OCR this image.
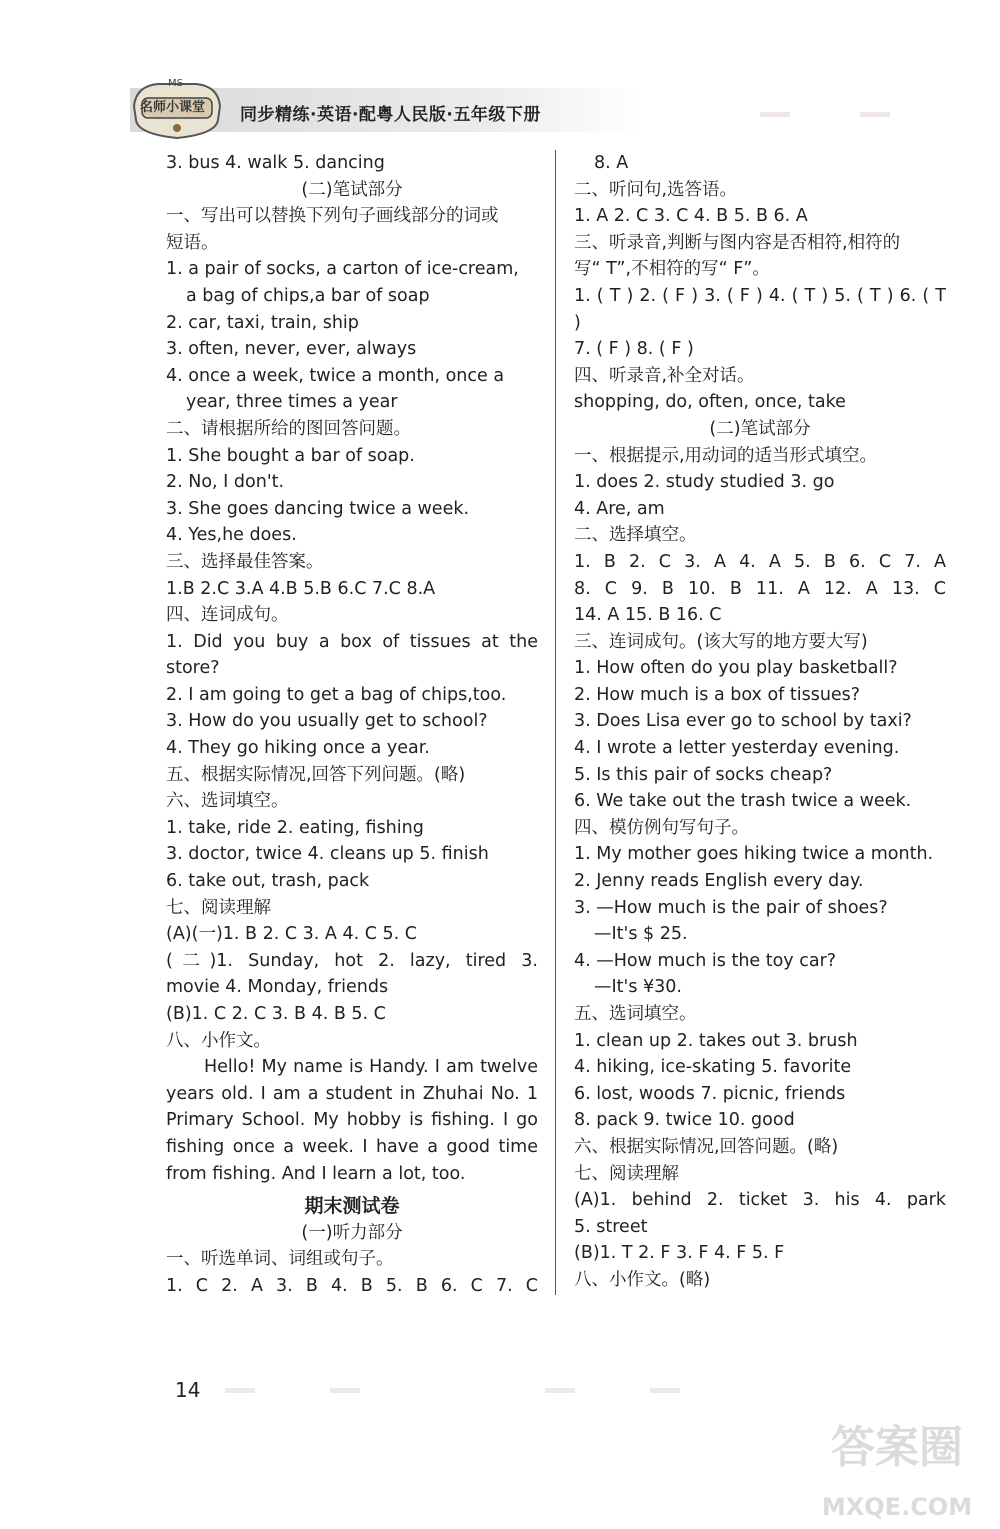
MS
名师小课堂 同步精练·英语·配粤人民版·五年级下册
3. bus 4. walk 5. dancing
(二)笔试部分
一、写出可以替换下列句子画线部分的词或
短语。
1. a pair of socks, a carton of ice-cream,
a bag of chips,a bar of soap
2. car, taxi, train, ship
3. often, never, ever, always
4. once a week, twice a month, once a
year, three times a year
二、请根据所给的图回答问题。
1. She bought a bar of soap.
2. No, I don't.
3. She goes dancing twice a week.
4. Yes,he does.
三、选择最佳答案。
1.B 2.C 3.A 4.B 5.B 6.C 7.C 8.A
四、连词成句。
1. Did you buy a box of tissues at the
store?
2. I am going to get a bag of chips,too.
3. How do you usually get to school?
4. They go hiking once a year.
五、根据实际情况,回答下列问题。(略)
六、选词填空。
1. take, ride 2. eating, fishing
3. doctor, twice 4. cleans up 5. finish
6. take out, trash, pack
七、阅读理解
(A)(一)1. B 2. C 3. A 4. C 5. C
(二)1. Sunday, hot 2. lazy, tired 3.
movie 4. Monday, friends
(B)1. C 2. C 3. B 4. B 5. C
八、小作文。
Hello! My name is Handy. I am twelve
years old. I am a student in Zhuhai No. 1
Primary School. My hobby is fishing. I go
fishing once a week. I have a good time
from fishing. And I learn a lot, too.
期末测试卷
(一)听力部分
一、听选单词、词组或句子。
1. C 2. A 3. B 4. B 5. B 6. C 7. C
8. A
二、听问句,选答语。
1. A 2. C 3. C 4. B 5. B 6. A
三、听录音,判断与图内容是否相符,相符的
写“ T”,不相符的写“ F”。
1. ( T ) 2. ( F ) 3. ( F ) 4. ( T ) 5. ( T ) 6. ( T )
7. ( F ) 8. ( F )
四、听录音,补全对话。
shopping, do, often, once, take
(二)笔试部分
一、根据提示,用动词的适当形式填空。
1. does 2. study studied 3. go
4. Are, am
二、选择填空。
1. B 2. C 3. A 4. A 5. B 6. C 7. A
8. C 9. B 10. B 11. A 12. A 13. C
14. A 15. B 16. C
三、连词成句。(该大写的地方要大写)
1. How often do you play basketball?
2. How much is a box of tissues?
3. Does Lisa ever go to school by taxi?
4. I wrote a letter yesterday evening.
5. Is this pair of socks cheap?
6. We take out the trash twice a week.
四、模仿例句写句子。
1. My mother goes hiking twice a month.
2. Jenny reads English every day.
3. —How much is the pair of shoes?
—It's $ 25.
4. —How much is the toy car?
—It's ¥30.
五、选词填空。
1. clean up 2. takes out 3. brush
4. hiking, ice-skating 5. favorite
6. lost, woods 7. picnic, friends
8. pack 9. twice 10. good
六、根据实际情况,回答问题。(略)
七、阅读理解
(A)1. behind 2. ticket 3. his 4. park
5. street
(B)1. T 2. F 3. F 4. F 5. F
八、小作文。(略)
14
答案圈
MXQE.COM
